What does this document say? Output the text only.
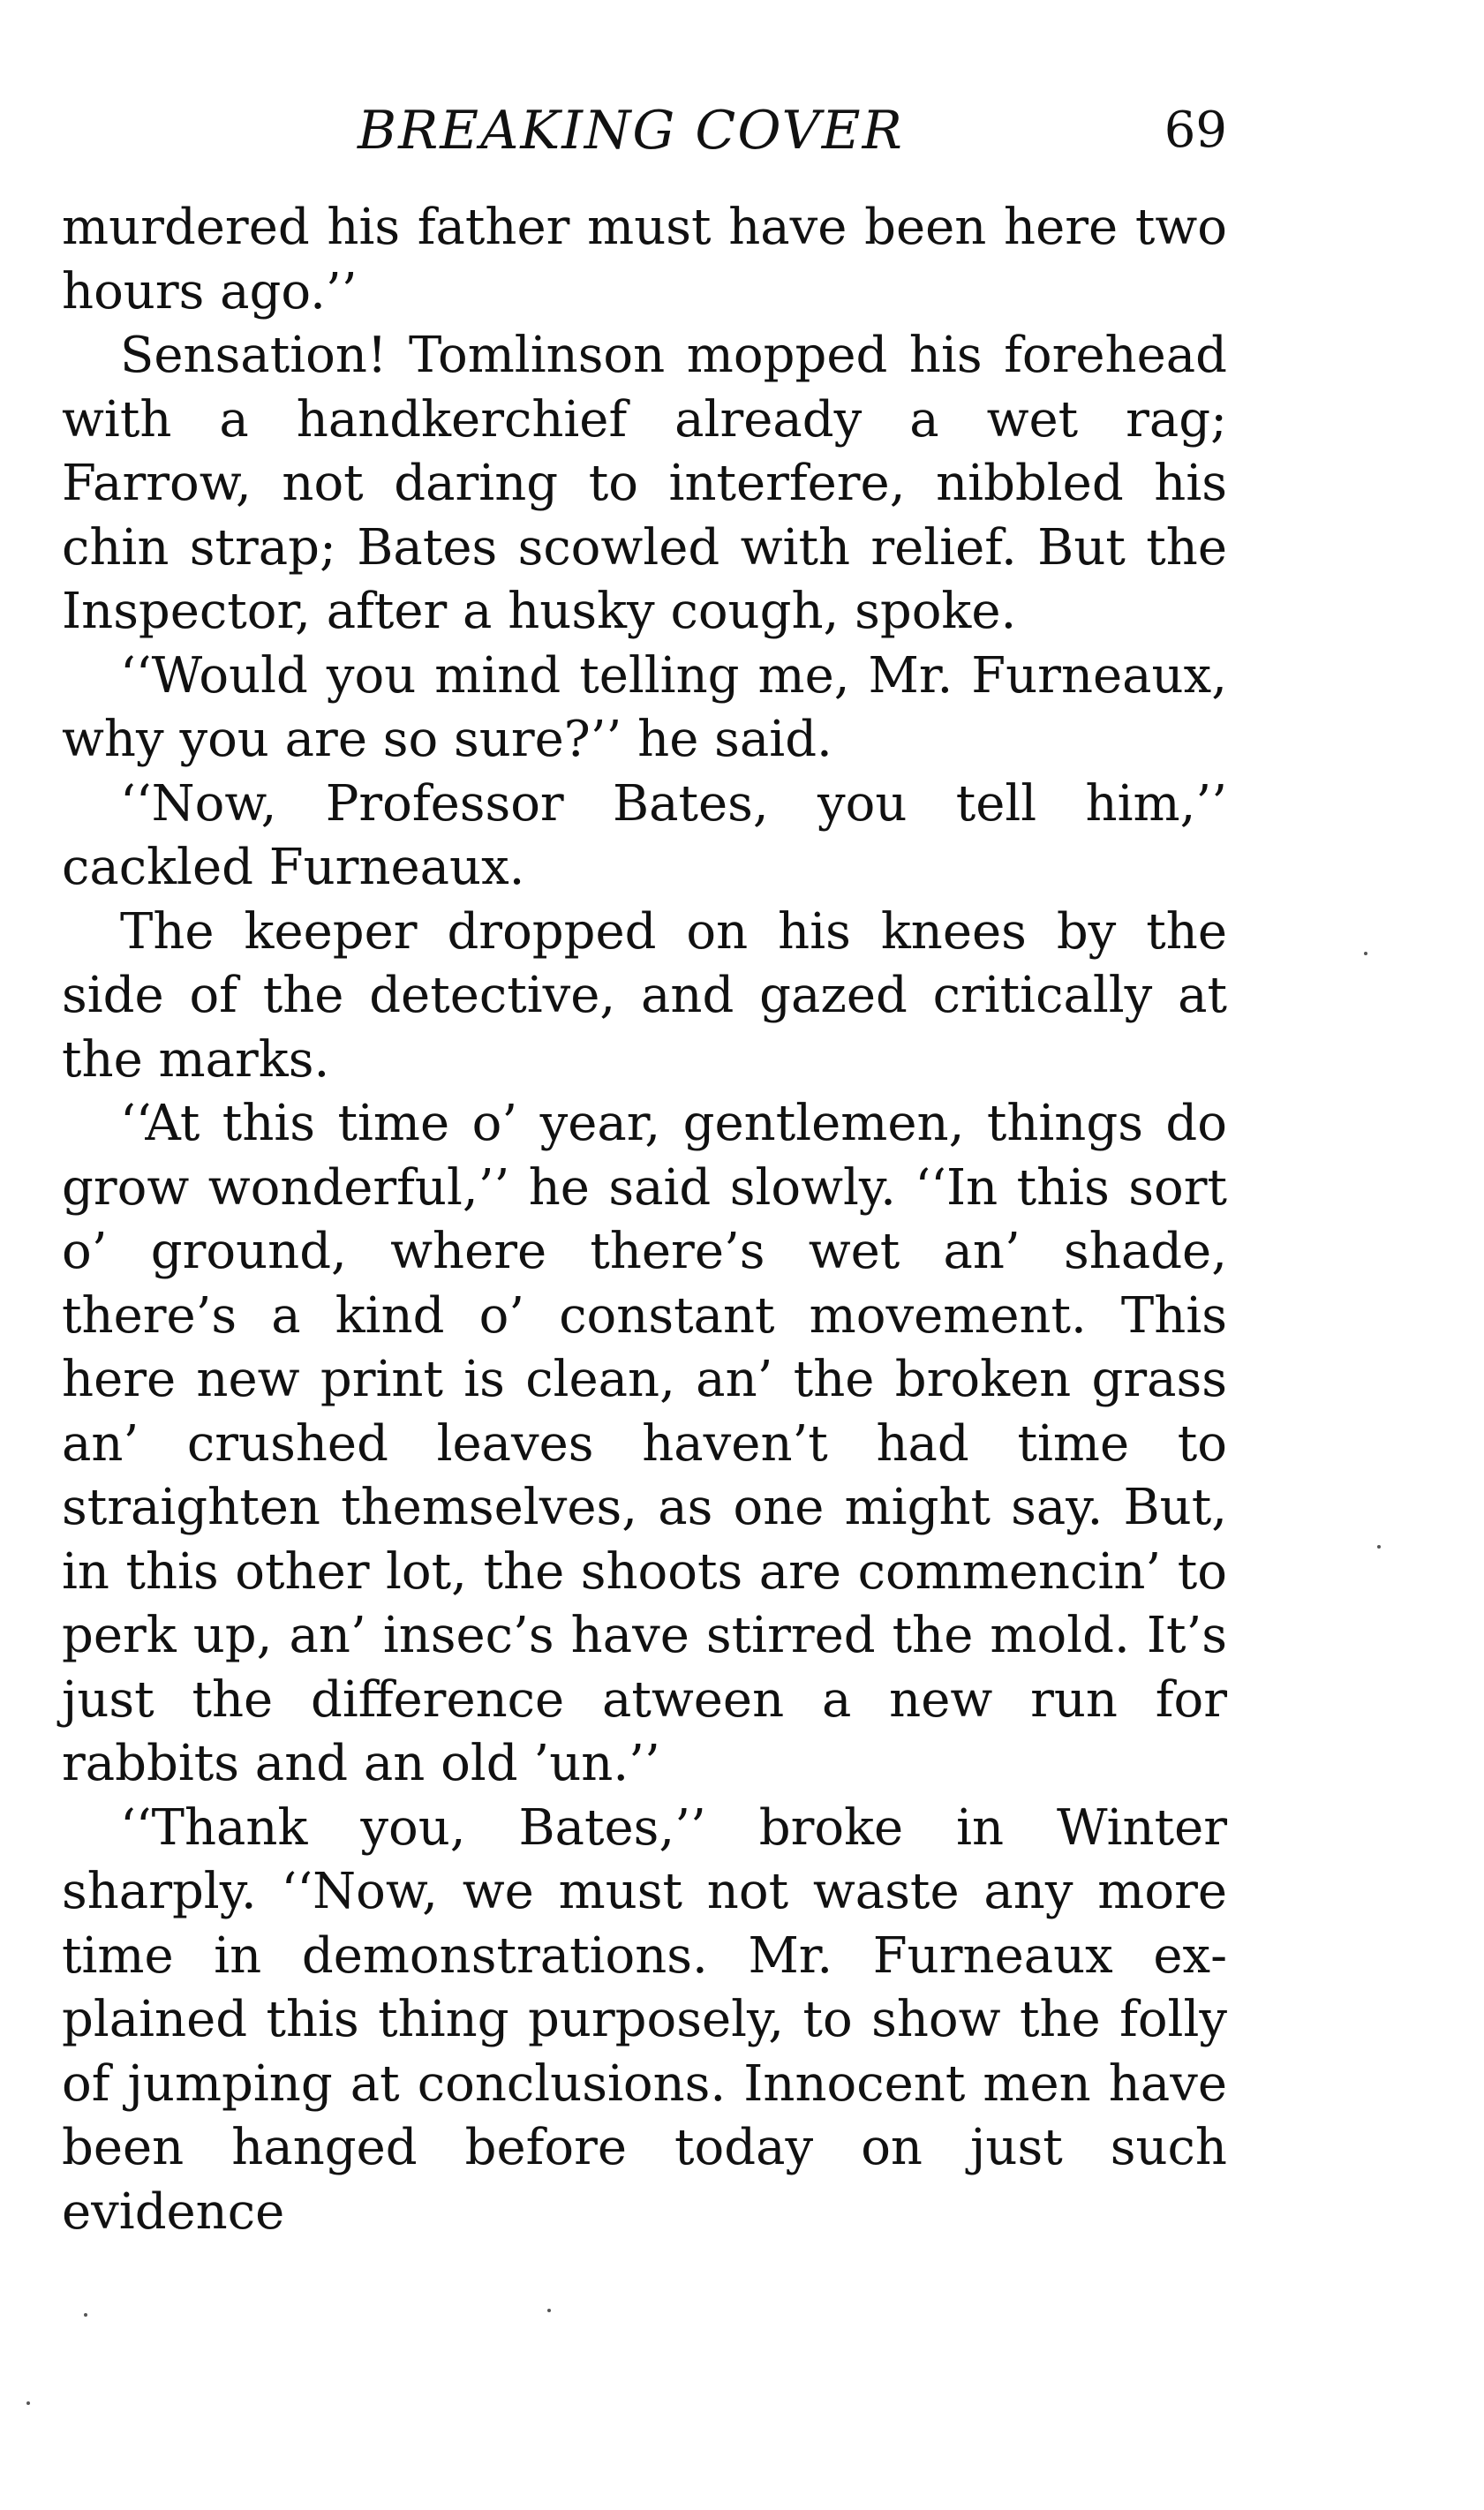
BREAKING COVER	69

murdered his father must have been here two hours ago.’’

Sensation! Tomlinson mopped his forehead with a handkerchief already a wet rag; Farrow, not daring to interfere, nibbled his chin strap; Bates scowled with relief. But the Inspector, after a husky cough, spoke.

‘‘Would you mind telling me, Mr. Furneaux, why you are so sure?’’ he said.

‘‘Now, Professor Bates, you tell him,’’ cackled Furneaux.

The keeper dropped on his knees by the side of the detective, and gazed critically at the marks.

‘‘At this time o’ year, gentlemen, things do grow wonderful,’’ he said slowly. ‘‘In this sort o’ ground, where there’s wet an’ shade, there’s a kind o’ constant movement. This here new print is clean, an’ the broken grass an’ crushed leaves haven’t had time to straighten themselves, as one might say. But, in this other lot, the shoots are commencin’ to perk up, an’ insec’s have stirred the mold. It’s just the difference atween a new run for rabbits and an old ’un.’’

‘‘Thank you, Bates,’’ broke in Winter sharply. ‘‘Now, we must not waste any more time in demonstrations. Mr. Furneaux explained this thing purposely, to show the folly of jumping at conclusions. Innocent men have been hanged before today on just such evidence
